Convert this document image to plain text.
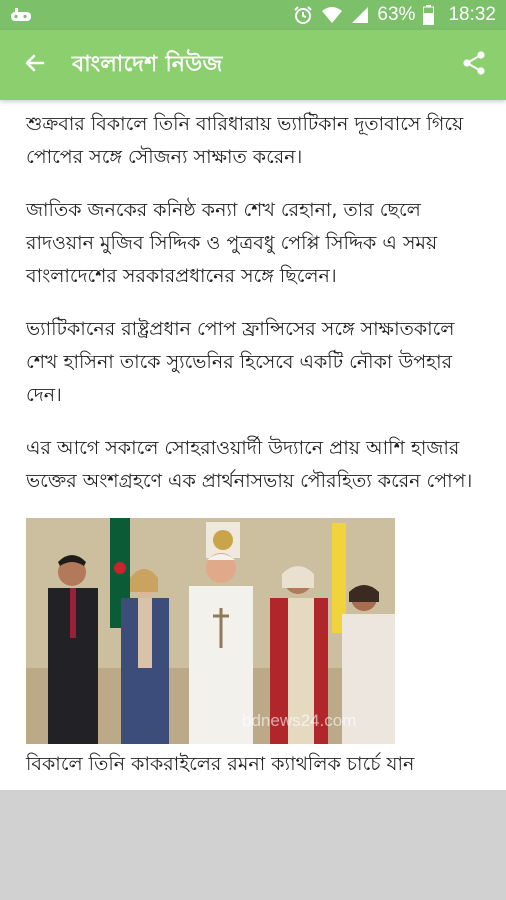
63% 18:32
বাংলাদেশ নিউজ

শুক্রবার বিকালে তিনি বারিধারায় ভ্যাটিকান দূতাবাসে গিয়ে পোপের সঙ্গে সৌজন্য সাক্ষাত করেন।

জাতিক জনকের কনিষ্ঠ কন্যা শেখ রেহানা, তার ছেলে রাদওয়ান মুজিব সিদ্দিক ও পুত্রবধু পেপ্পি সিদ্দিক এ সময় বাংলাদেশের সরকারপ্রধানের সঙ্গে ছিলেন।

ভ্যাটিকানের রাষ্ট্রপ্রধান পোপ ফ্রান্সিসের সঙ্গে সাক্ষাতকালে শেখ হাসিনা তাকে স্যুভেনির হিসেবে একটি নৌকা উপহার দেন।

এর আগে সকালে সোহরাওয়ার্দী উদ্যানে প্রায় আশি হাজার ভক্তের অংশগ্রহণে এক প্রার্থনাসভায় পৌরহিত্য করেন পোপ।

bdnews24.com

বিকালে তিনি কাকরাইলের রমনা ক্যাথলিক চার্চে যান
